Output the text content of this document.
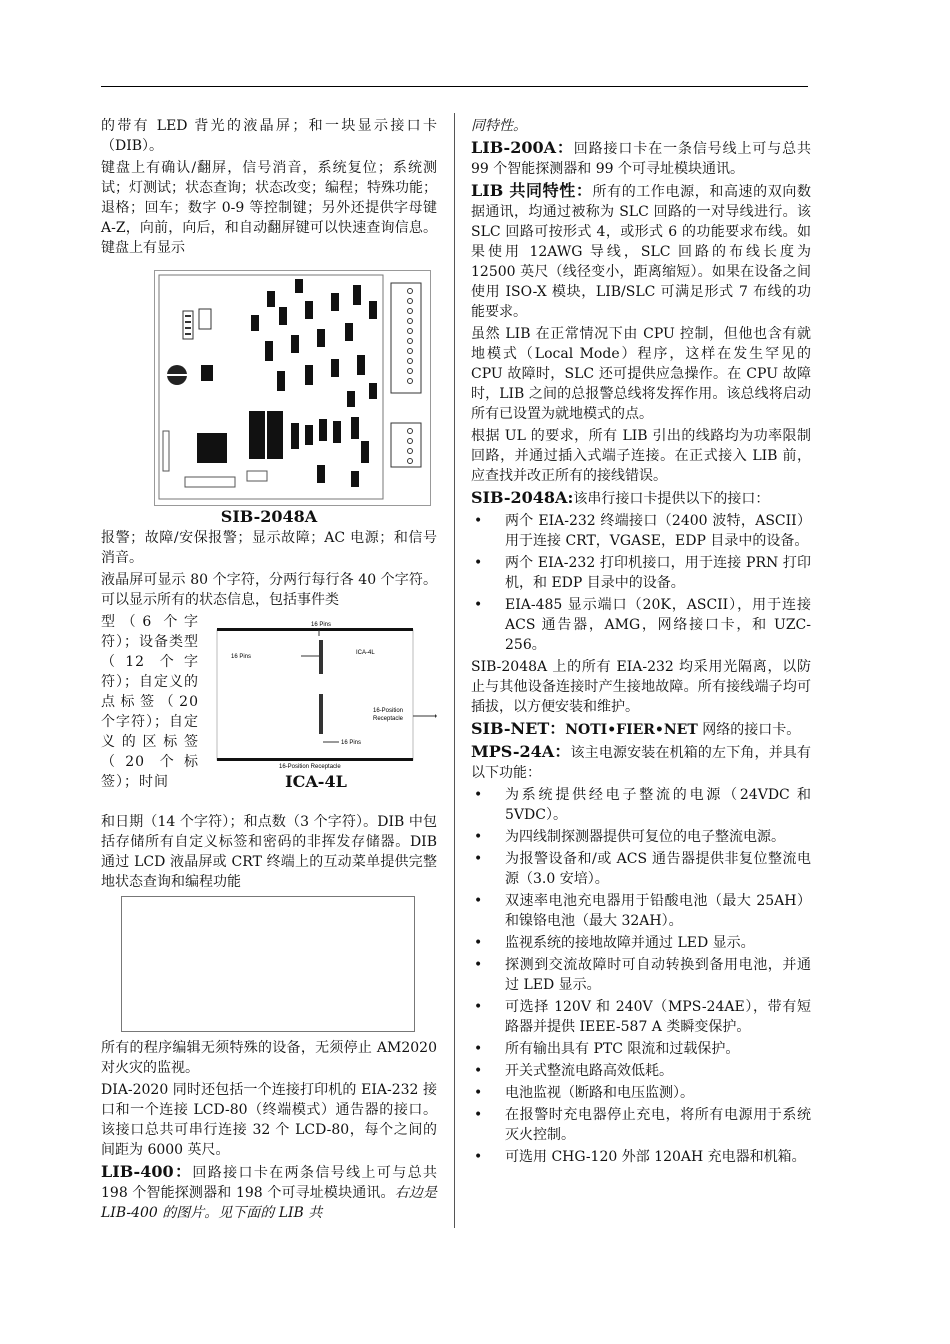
的带有 LED 背光的液晶屏；和一块显示接口卡（DIB）。

键盘上有确认/翻屏，信号消音，系统复位；系统测试；灯测试；状态查询；状态改变；编程；特殊功能；退格；回车；数字 0-9 等控制键；另外还提供字母键 A-Z，向前，向后，和自动翻屏键可以快速查询信息。键盘上有显示

SIB-2048A

报警；故障/安保报警；显示故障；AC 电源；和信号消音。

液晶屏可显示 80 个字符，分两行每行各 40 个字符。可以显示所有的状态信息，包括事件类

型（6 个字符）；设备类型（12 个字符）；自定义的点标签（20 个字符）；自定义的区标签（20 个标签）；时间

16 Pins
ICA-4L
16 Pins
16-Position
Receptacle
16 Pins
16-Position Receptacle
ICA-4L

和日期（14 个字符）；和点数（3 个字符）。DIB 中包括存储所有自定义标签和密码的非挥发存储器。DIB 通过 LCD 液晶屏或 CRT 终端上的互动菜单提供完整地状态查询和编程功能

所有的程序编辑无须特殊的设备，无须停止 AM2020 对火灾的监视。

DIA-2020 同时还包括一个连接打印机的 EIA-232 接口和一个连接 LCD-80（终端模式）通告器的接口。该接口总共可串行连接 32 个 LCD-80，每个之间的间距为 6000 英尺。

LIB-400：回路接口卡在两条信号线上可与总共 198 个智能探测器和 198 个可寻址模块通讯。右边是 LIB-400 的图片。见下面的 LIB 共

同特性。

LIB-200A：回路接口卡在一条信号线上可与总共 99 个智能探测器和 99 个可寻址模块通讯。

LIB 共同特性：所有的工作电源，和高速的双向数据通讯，均通过被称为 SLC 回路的一对导线进行。该 SLC 回路可按形式 4，或形式 6 的功能要求布线。如果使用 12AWG 导线，SLC 回路的布线长度为 12500 英尺（线径变小，距离缩短）。如果在设备之间使用 ISO-X 模块，LIB/SLC 可满足形式 7 布线的功能要求。

虽然 LIB 在正常情况下由 CPU 控制，但他也含有就地模式（Local Mode）程序，这样在发生罕见的 CPU 故障时，SLC 还可提供应急操作。在 CPU 故障时，LIB 之间的总报警总线将发挥作用。该总线将启动所有已设置为就地模式的点。

根据 UL 的要求，所有 LIB 引出的线路均为功率限制回路，并通过插入式端子连接。在正式接入 LIB 前，应查找并改正所有的接线错误。

SIB-2048A:该串行接口卡提供以下的接口：

• 两个 EIA-232 终端接口（2400 波特，ASCII）用于连接 CRT，VGASE，EDP 目录中的设备。
• 两个 EIA-232 打印机接口，用于连接 PRN 打印机，和 EDP 目录中的设备。
• EIA-485 显示端口（20K，ASCII），用于连接 ACS 通告器，AMG，网络接口卡，和 UZC-256。

SIB-2048A 上的所有 EIA-232 均采用光隔离，以防止与其他设备连接时产生接地故障。所有接线端子均可插拔，以方便安装和维护。

SIB-NET：NOTI•FIER•NET 网络的接口卡。

MPS-24A：该主电源安装在机箱的左下角，并具有以下功能：

• 为系统提供经电子整流的电源（24VDC 和 5VDC）。
• 为四线制探测器提供可复位的电子整流电源。
• 为报警设备和/或 ACS 通告器提供非复位整流电源（3.0 安培）。
• 双速率电池充电器用于铅酸电池（最大 25AH）和镍铬电池（最大 32AH）。
• 监视系统的接地故障并通过 LED 显示。
• 探测到交流故障时可自动转换到备用电池，并通过 LED 显示。
• 可选择 120V 和 240V（MPS-24AE），带有短路器并提供 IEEE-587 A 类瞬变保护。
• 所有输出具有 PTC 限流和过载保护。
• 开关式整流电路高效低耗。
• 电池监视（断路和电压监测）。
• 在报警时充电器停止充电，将所有电源用于系统灭火控制。
• 可选用 CHG-120 外部 120AH 充电器和机箱。
